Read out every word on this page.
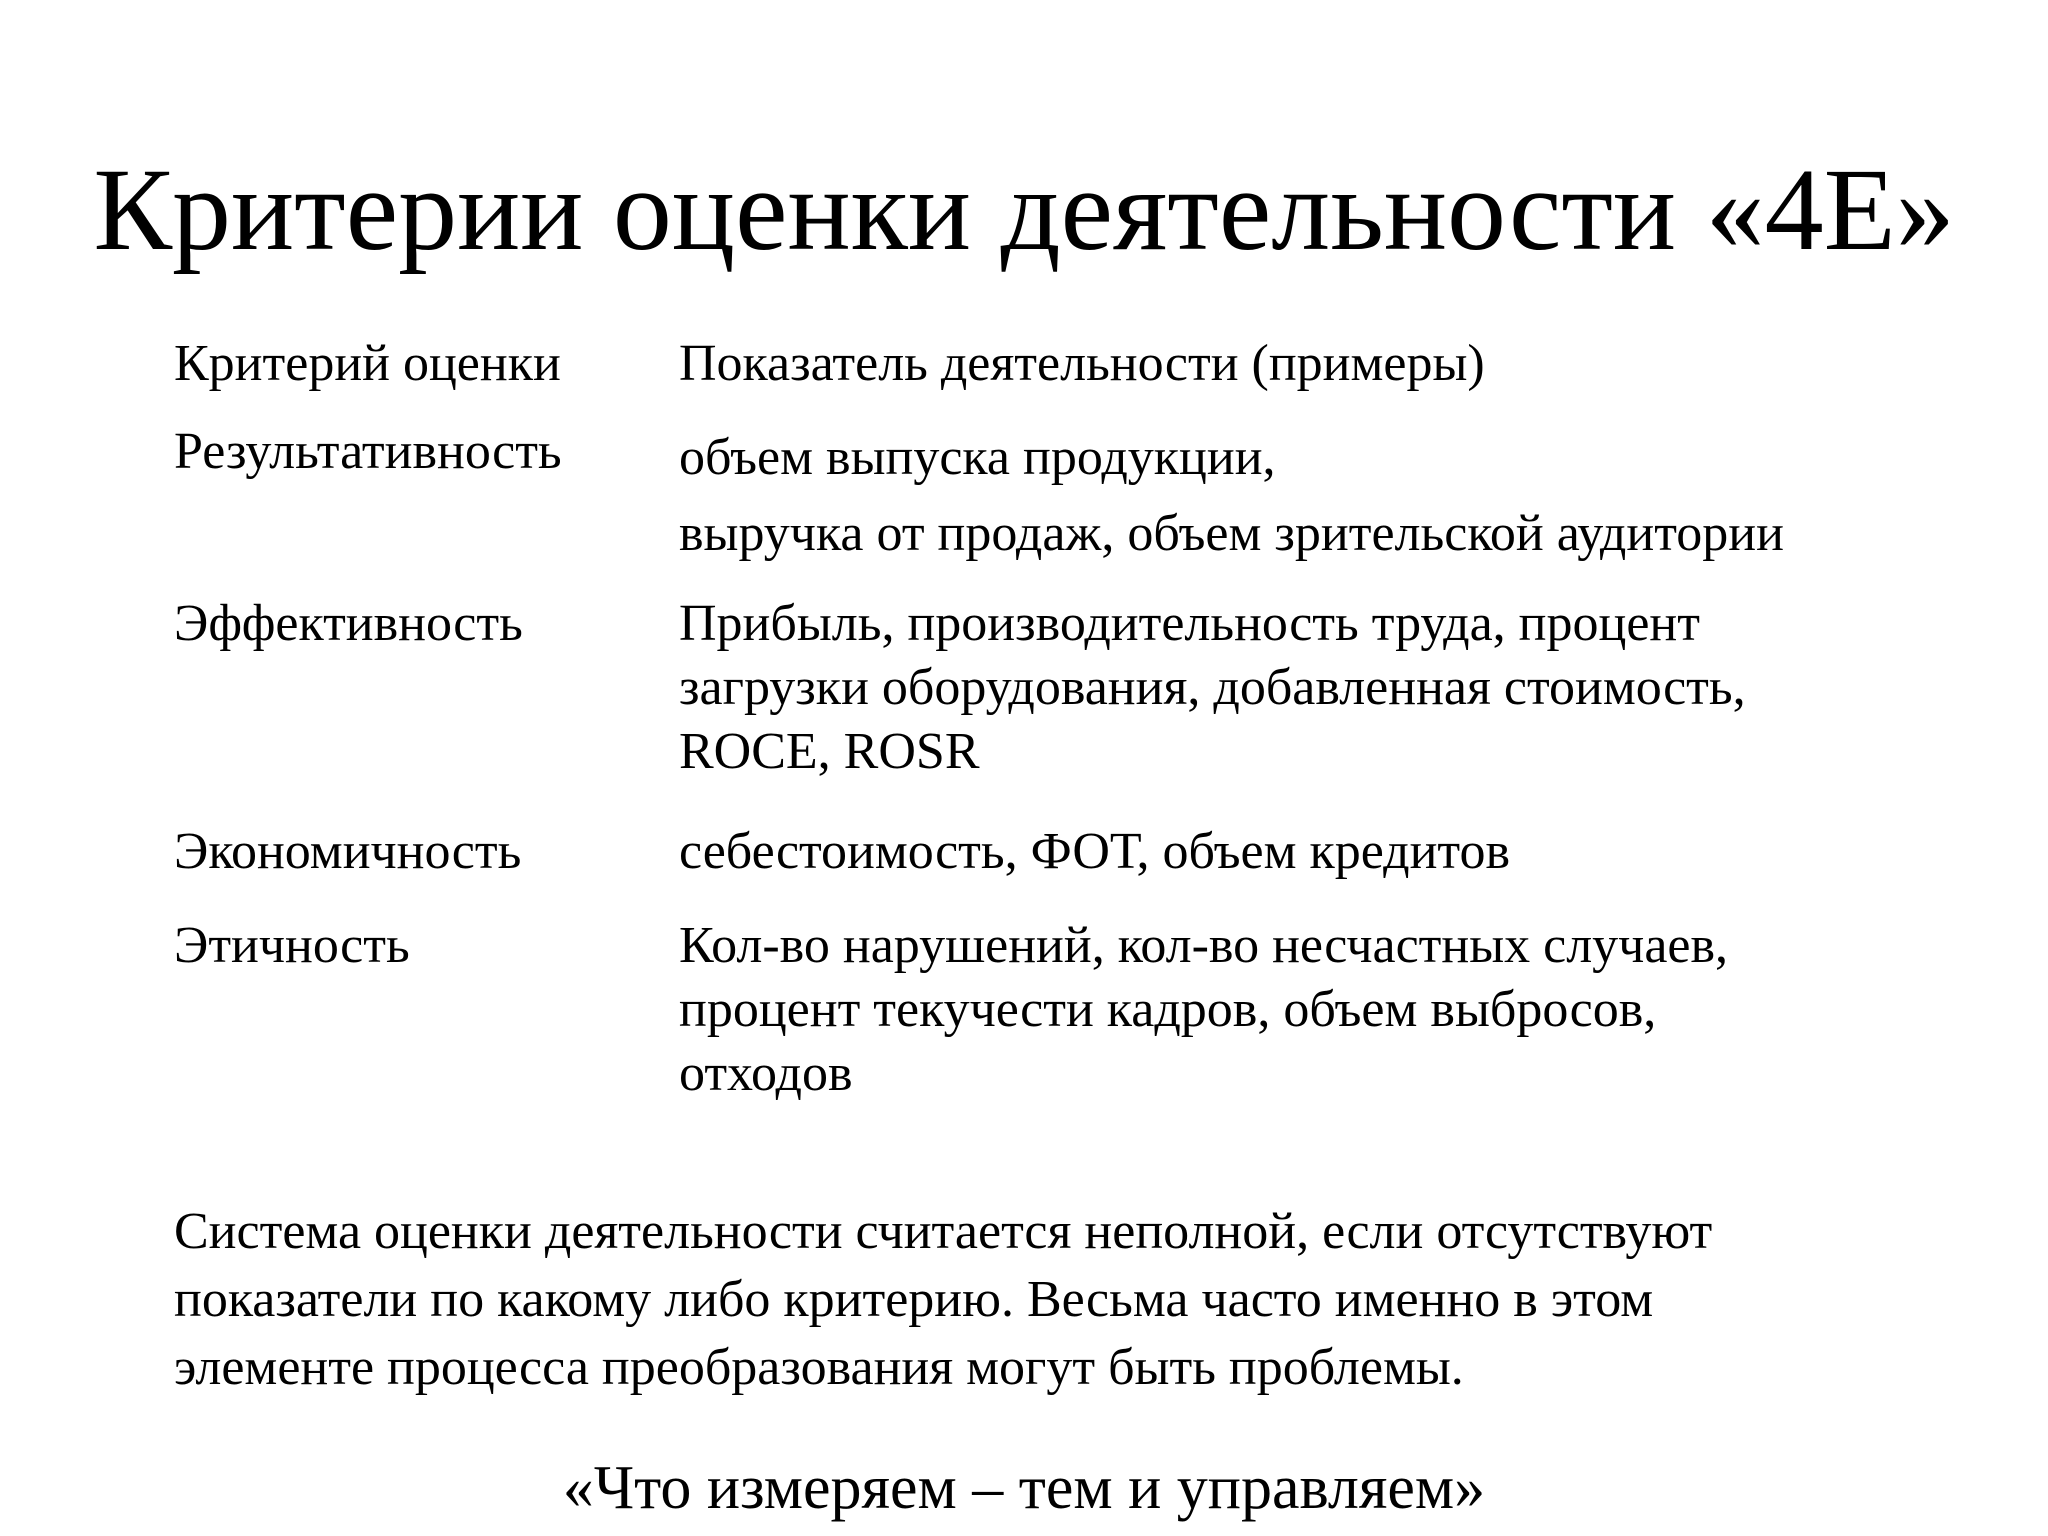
Критерии оценки деятельности «4E»
Критерий оценки	Показатель деятельности (примеры)
Результативность	объем выпуска продукции,
выручка от продаж, объем зрительской аудитории
Эффективность	Прибыль, производительность труда, процент
загрузки оборудования, добавленная стоимость,
ROCE, ROSR
Экономичность	себестоимость, ФОТ, объем кредитов
Этичность	Кол-во нарушений, кол-во несчастных случаев,
процент текучести кадров, объем выбросов,
отходов
Система оценки деятельности считается неполной, если отсутствуют
показатели по какому либо критерию. Весьма часто именно в этом
элементе процесса преобразования могут быть проблемы.
«Что измеряем – тем и управляем»
